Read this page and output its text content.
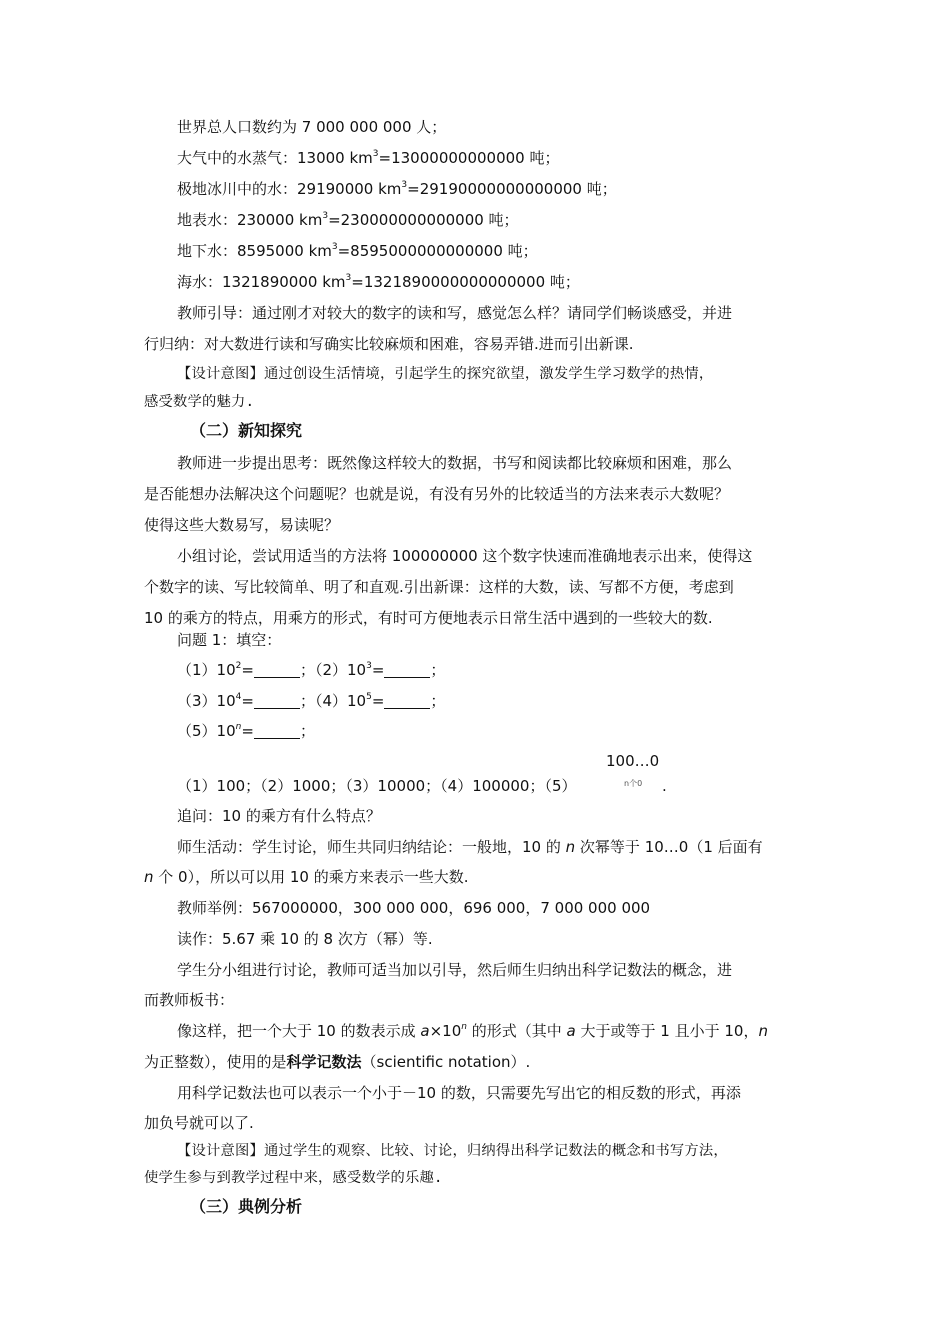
世界总人口数约为 7 000 000 000 人；
大气中的水蒸气：13000 $km^3=13000000000000$ 吨；
极地冰川中的水：29190000 $km^3=29190000000000000$ 吨；
地表水：230000 $km^3=230000000000000$ 吨；
地下水：8595000 $km^3=8595000000000000$ 吨；
海水：1321890000 $km^3=1321890000000000000$ 吨；
教师引导：通过刚才对较大的数字的读和写，感觉怎么样？请同学们畅谈感受，并进
行归纳：对大数进行读和写确实比较麻烦和困难，容易弄错.进而引出新课.
【设计意图】通过创设生活情境，引起学生的探究欲望，激发学生学习数学的热情，
感受数学的魅力.
（二）新知探究
教师进一步提出思考：既然像这样较大的数据，书写和阅读都比较麻烦和困难，那么
是否能想办法解决这个问题呢？也就是说，有没有另外的比较适当的方法来表示大数呢？
使得这些大数易写，易读呢？
小组讨论，尝试用适当的方法将 100000000 这个数字快速而准确地表示出来，使得这
个数字的读、写比较简单、明了和直观.引出新课：这样的大数，读、写都不方便，考虑到
10 的乘方的特点，用乘方的形式，有时可方便地表示日常生活中遇到的一些较大的数.
问题 1：填空：
$(1)10^2=$	；$(2)10^3=$	；
$(3)10^4=$	；$(4)10^5=$	；
$(5)10^n=$	；
（1）100；（2）1000；（3）10000；（4）100000；（5）
100…0
n个0 .
追问：10 的乘方有什么特点？
师生活动：学生讨论，师生共同归纳结论：一般地，10 的 n 次幂等于 10…0（1 后面有
n 个 0），所以可以用 10 的乘方来表示一些大数.
教师举例：567000000，300 000 000，696 000，7 000 000 000
读作：5.67 乘 10 的 8 次方（幂）等.
学生分小组进行讨论，教师可适当加以引导，然后师生归纳出科学记数法的概念，进
而教师板书：
像这样，把一个大于 10 的数表示成 $a\times 10^n$ 的形式（其中 a 大于或等于 1 且小于 10，n
为正整数），使用的是科学记数法（scientific notation）.
用科学记数法也可以表示一个小于－10 的数，只需要先写出它的相反数的形式，再添
加负号就可以了.
【设计意图】通过学生的观察、比较、讨论，归纳得出科学记数法的概念和书写方法，
使学生参与到教学过程中来，感受数学的乐趣.
（三）典例分析
